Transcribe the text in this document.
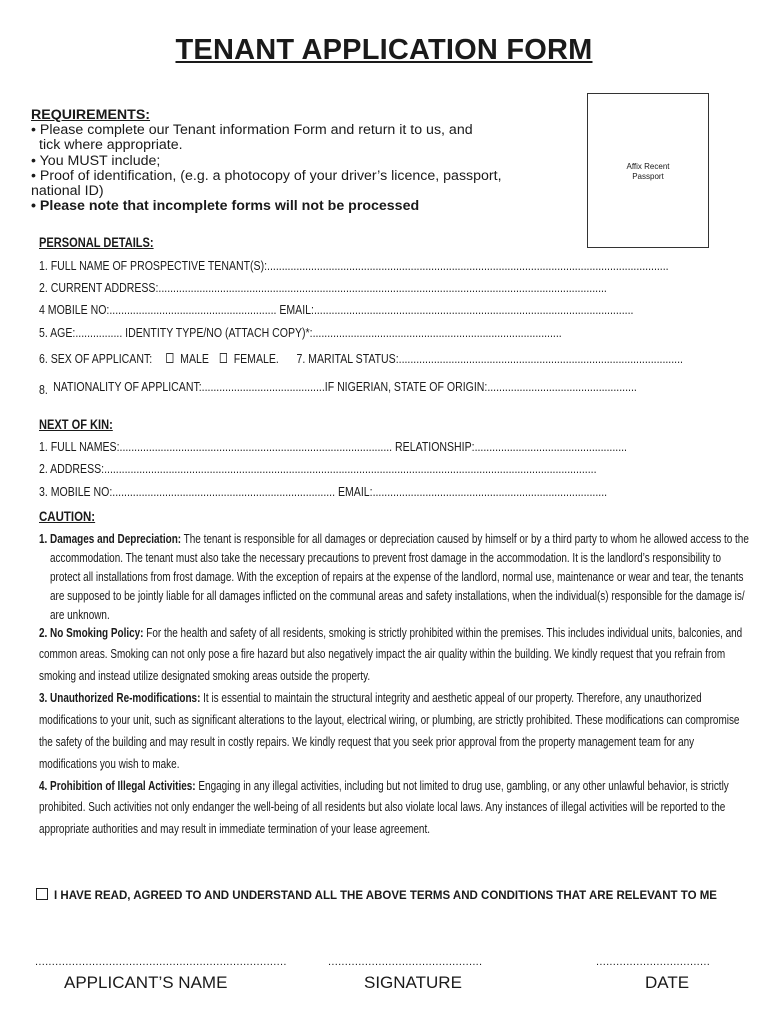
TENANT APPLICATION FORM
REQUIREMENTS:
• Please complete our Tenant information Form and return it to us, and
tick where appropriate.
• You MUST include;
• Proof of identification, (e.g. a photocopy of your driver’s licence, passport,
national ID)
• Please note that incomplete forms will not be processed
Affix Recent
Passport
PERSONAL DETAILS:
1. FULL NAME OF PROSPECTIVE TENANT(S):.........................................................................................................................................
2. CURRENT ADDRESS:.........................................................................................................................................................
4 MOBILE NO:......................................................... EMAIL:.............................................................................................................
5. AGE:................ IDENTITY TYPE/NO (ATTACH COPY)*:.....................................................................................
6. SEX OF APPLICANT: MALE FEMALE. 7. MARITAL STATUS:.................................................................................................
8. NATIONALITY OF APPLICANT:..........................................IF NIGERIAN, STATE OF ORIGIN:...................................................
NEXT OF KIN:
1. FULL NAMES:............................................................................................. RELATIONSHIP:....................................................
2. ADDRESS:........................................................................................................................................................................
3. MOBILE NO:............................................................................ EMAIL:................................................................................
CAUTION:
1. Damages and Depreciation: The tenant is responsible for all damages or depreciation caused by himself or by a third party to whom he allowed access to the
accommodation. The tenant must also take the necessary precautions to prevent frost damage in the accommodation. It is the landlord’s responsibility to
protect all installations from frost damage. With the exception of repairs at the expense of the landlord, normal use, maintenance or wear and tear, the tenants
are supposed to be jointly liable for all damages inflicted on the communal areas and safety installations, when the individual(s) responsible for the damage is/
are unknown.
2. No Smoking Policy: For the health and safety of all residents, smoking is strictly prohibited within the premises. This includes individual units, balconies, and
common areas. Smoking can not only pose a fire hazard but also negatively impact the air quality within the building. We kindly request that you refrain from
smoking and instead utilize designated smoking areas outside the property.
3. Unauthorized Re-modifications: It is essential to maintain the structural integrity and aesthetic appeal of our property. Therefore, any unauthorized
modifications to your unit, such as significant alterations to the layout, electrical wiring, or plumbing, are strictly prohibited. These modifications can compromise
the safety of the building and may result in costly repairs. We kindly request that you seek prior approval from the property management team for any
modifications you wish to make.
4. Prohibition of Illegal Activities: Engaging in any illegal activities, including but not limited to drug use, gambling, or any other unlawful behavior, is strictly
prohibited. Such activities not only endanger the well-being of all residents but also violate local laws. Any instances of illegal activities will be reported to the
appropriate authorities and may result in immediate termination of your lease agreement.
I HAVE READ, AGREED TO AND UNDERSTAND ALL THE ABOVE TERMS AND CONDITIONS THAT ARE RELEVANT TO ME
...........................................................................	..............................................	..................................
APPLICANT’S NAME	SIGNATURE	DATE
